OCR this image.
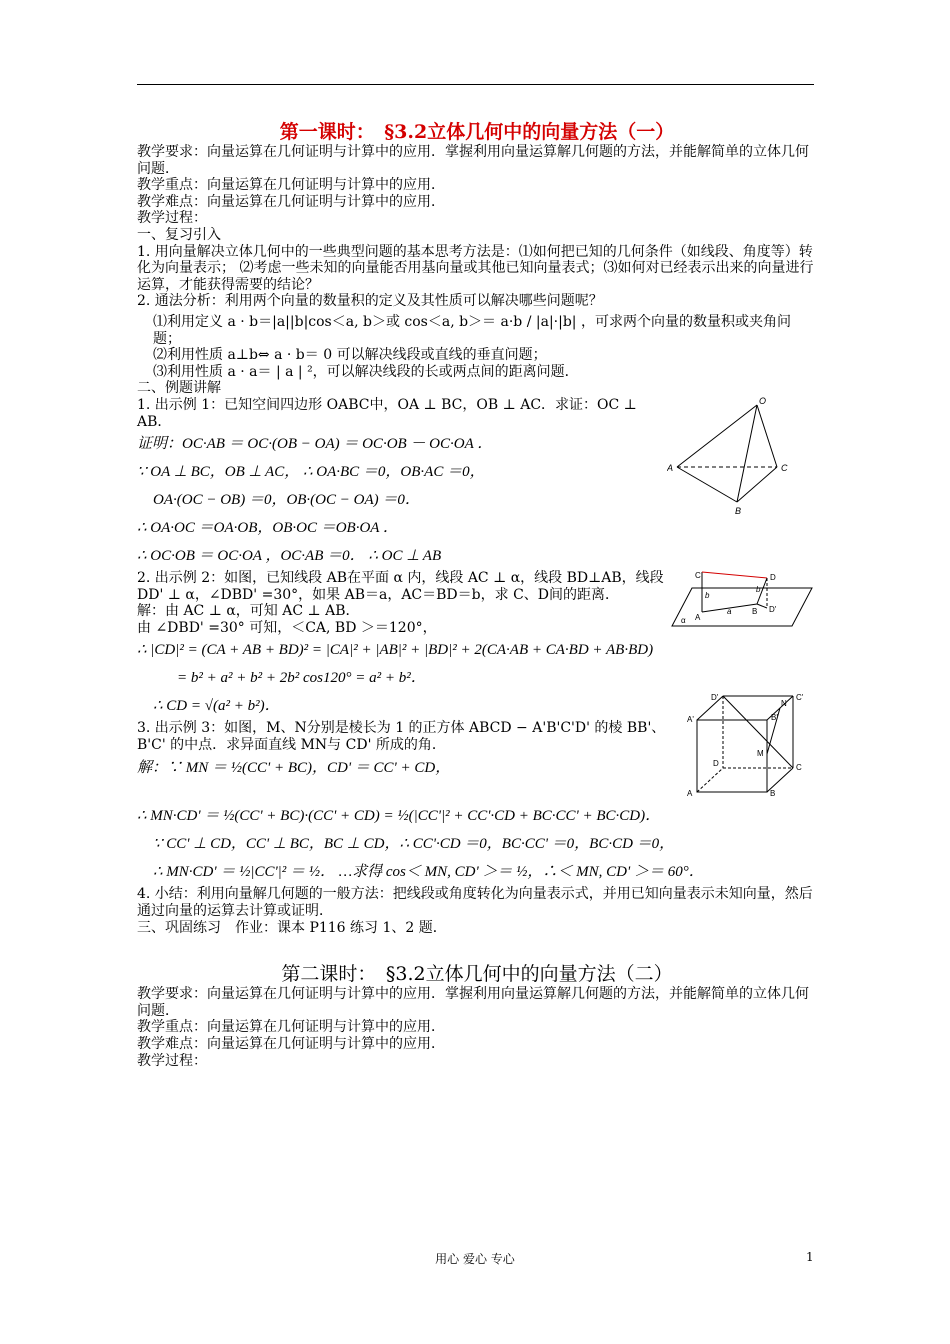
第一课时：　§3.2立体几何中的向量方法（一）

教学要求：向量运算在几何证明与计算中的应用．掌握利用向量运算解几何题的方法，并能解简单的立体几何问题．

教学重点：向量运算在几何证明与计算中的应用．

教学难点：向量运算在几何证明与计算中的应用．

教学过程：

一、复习引入

1. 用向量解决立体几何中的一些典型问题的基本思考方法是：⑴如何把已知的几何条件（如线段、角度等）转化为向量表示； ⑵考虑一些未知的向量能否用基向量或其他已知向量表式；⑶如何对已经表示出来的向量进行运算，才能获得需要的结论？

2. 通法分析：利用两个向量的数量积的定义及其性质可以解决哪些问题呢？

⑴利用定义 a · b＝|a||b|cos＜a, b＞或 cos＜a, b＞＝ a·b / |a|·|b| ，可求两个向量的数量积或夹角问题；

⑵利用性质 a⊥b⇔ a · b＝ 0 可以解决线段或直线的垂直问题；

⑶利用性质 a · a＝ | a | ²，可以解决线段的长或两点间的距离问题．

二、例题讲解

1. 出示例 1：已知空间四边形 OABC中，OA ⊥ BC，OB ⊥ AC．求证：OC ⊥ AB．

证明：OC·AB ＝ OC·(OB − OA) ＝ OC·OB － OC·OA ．

∵ OA ⊥ BC，OB ⊥ AC， ∴ OA·BC ＝0，OB·AC ＝0，

OA·(OC − OB) ＝0，OB·(OC − OA) ＝0．

∴ OA·OC ＝OA·OB，OB·OC ＝OB·OA ．

∴ OC·OB ＝ OC·OA ，OC·AB ＝0． ∴ OC ⊥ AB

O
A
B
C

2. 出示例 2：如图，已知线段 AB在平面 α 内，线段 AC ⊥ α，线段 BD⊥AB，线段 DD' ⊥ α，∠DBD' =30°，如果 AB＝a，AC＝BD＝b，求 C、D间的距离．

解：由 AC ⊥ α，可知 AC ⊥ AB．

由 ∠DBD' =30° 可知，＜CA, BD ＞＝120°，

C	D
A
B D'
a
b
b
α

∴ |CD|² = (CA + AB + BD)² = |CA|² + |AB|² + |BD|² + 2(CA·AB + CA·BD + AB·BD)

= b² + a² + b² + 2b² cos120° = a² + b²．

∴ CD = √(a² + b²)．

3. 出示例 3：如图，M、N分别是棱长为 1 的正方体 ABCD − A'B'C'D' 的棱 BB'、B'C' 的中点．求异面直线 MN与 CD' 所成的角．

解：∵ MN ＝ ½(CC' + BC)，CD' ＝ CC' + CD，

D'	C'
A'	B'
N
M
D	C
A	B

∴ MN·CD' ＝ ½(CC' + BC)·(CC' + CD) = ½(|CC'|² + CC'·CD + BC·CC' + BC·CD)．

∵ CC' ⊥ CD，CC' ⊥ BC，BC ⊥ CD，∴ CC'·CD ＝0，BC·CC' ＝0，BC·CD ＝0，

∴ MN·CD' ＝ ½|CC'|² ＝ ½． …求得 cos＜ MN, CD' ＞＝ ½，∴＜ MN, CD' ＞＝ 60°．

4. 小结：利用向量解几何题的一般方法：把线段或角度转化为向量表示式，并用已知向量表示未知向量，然后通过向量的运算去计算或证明．

三、巩固练习　作业：课本 P116 练习 1、2 题．

第二课时：　§3.2立体几何中的向量方法（二）

教学要求：向量运算在几何证明与计算中的应用．掌握利用向量运算解几何题的方法，并能解简单的立体几何问题．

教学重点：向量运算在几何证明与计算中的应用．

教学难点：向量运算在几何证明与计算中的应用．

教学过程：

用心 爱心 专心	1
